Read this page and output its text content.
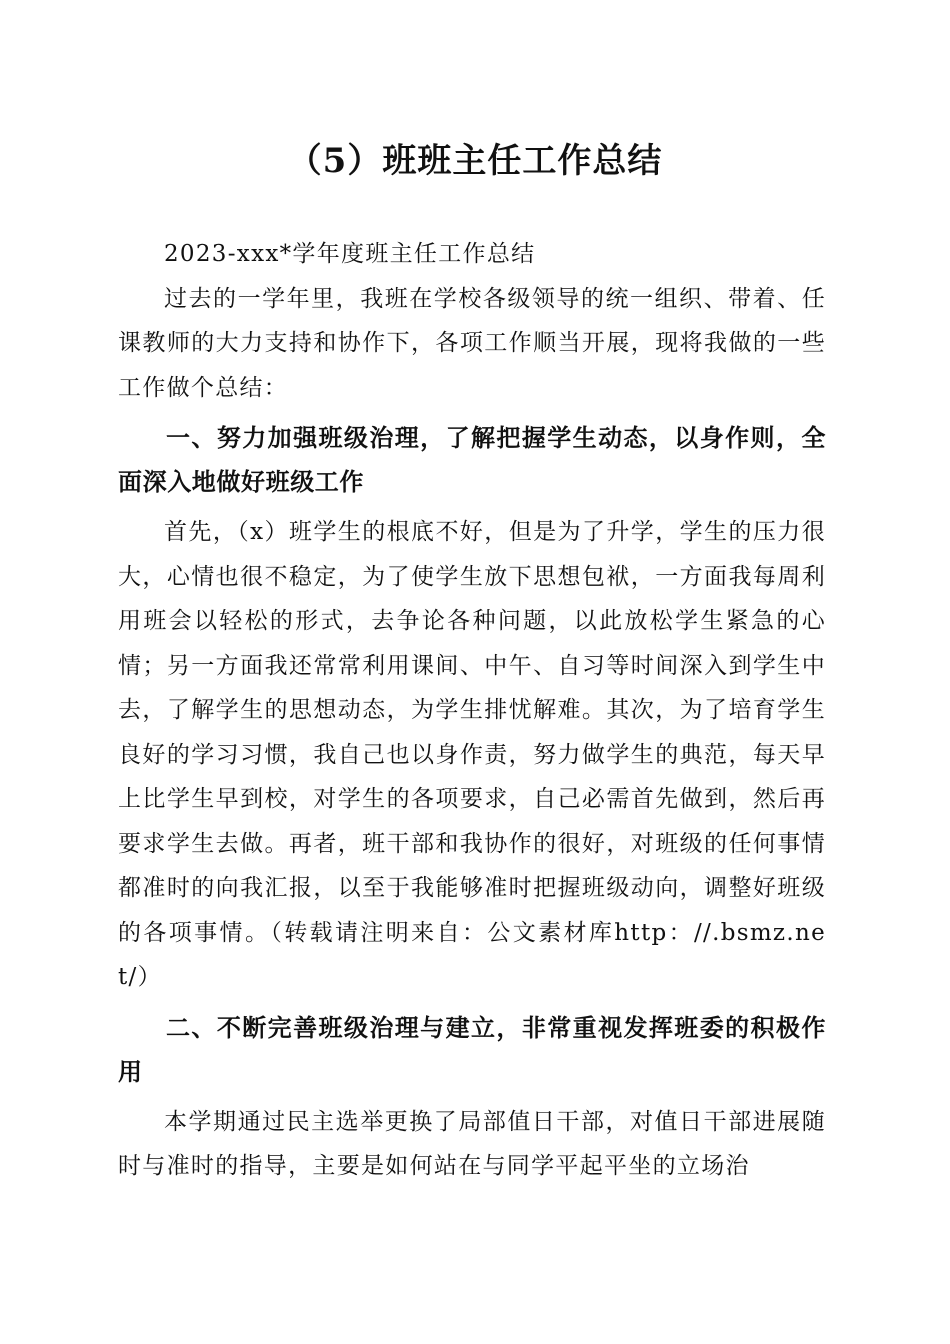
（5）班班主任工作总结

2023-xxx*学年度班主任工作总结

过去的一学年里，我班在学校各级领导的统一组织、带着、任课教师的大力支持和协作下，各项工作顺当开展，现将我做的一些工作做个总结：

一、努力加强班级治理，了解把握学生动态，以身作则，全面深入地做好班级工作

首先，（x）班学生的根底不好，但是为了升学，学生的压力很大，心情也很不稳定，为了使学生放下思想包袱，一方面我每周利用班会以轻松的形式，去争论各种问题，以此放松学生紧急的心情；另一方面我还常常利用课间、中午、自习等时间深入到学生中去，了解学生的思想动态，为学生排忧解难。其次，为了培育学生良好的学习习惯，我自己也以身作责，努力做学生的典范，每天早上比学生早到校，对学生的各项要求，自己必需首先做到，然后再要求学生去做。再者，班干部和我协作的很好，对班级的任何事情都准时的向我汇报，以至于我能够准时把握班级动向，调整好班级的各项事情。（转载请注明来自：公文素材库http：//.bsmz.net/）

二、不断完善班级治理与建立，非常重视发挥班委的积极作用

本学期通过民主选举更换了局部值日干部，对值日干部进展随时与准时的指导，主要是如何站在与同学平起平坐的立场治
